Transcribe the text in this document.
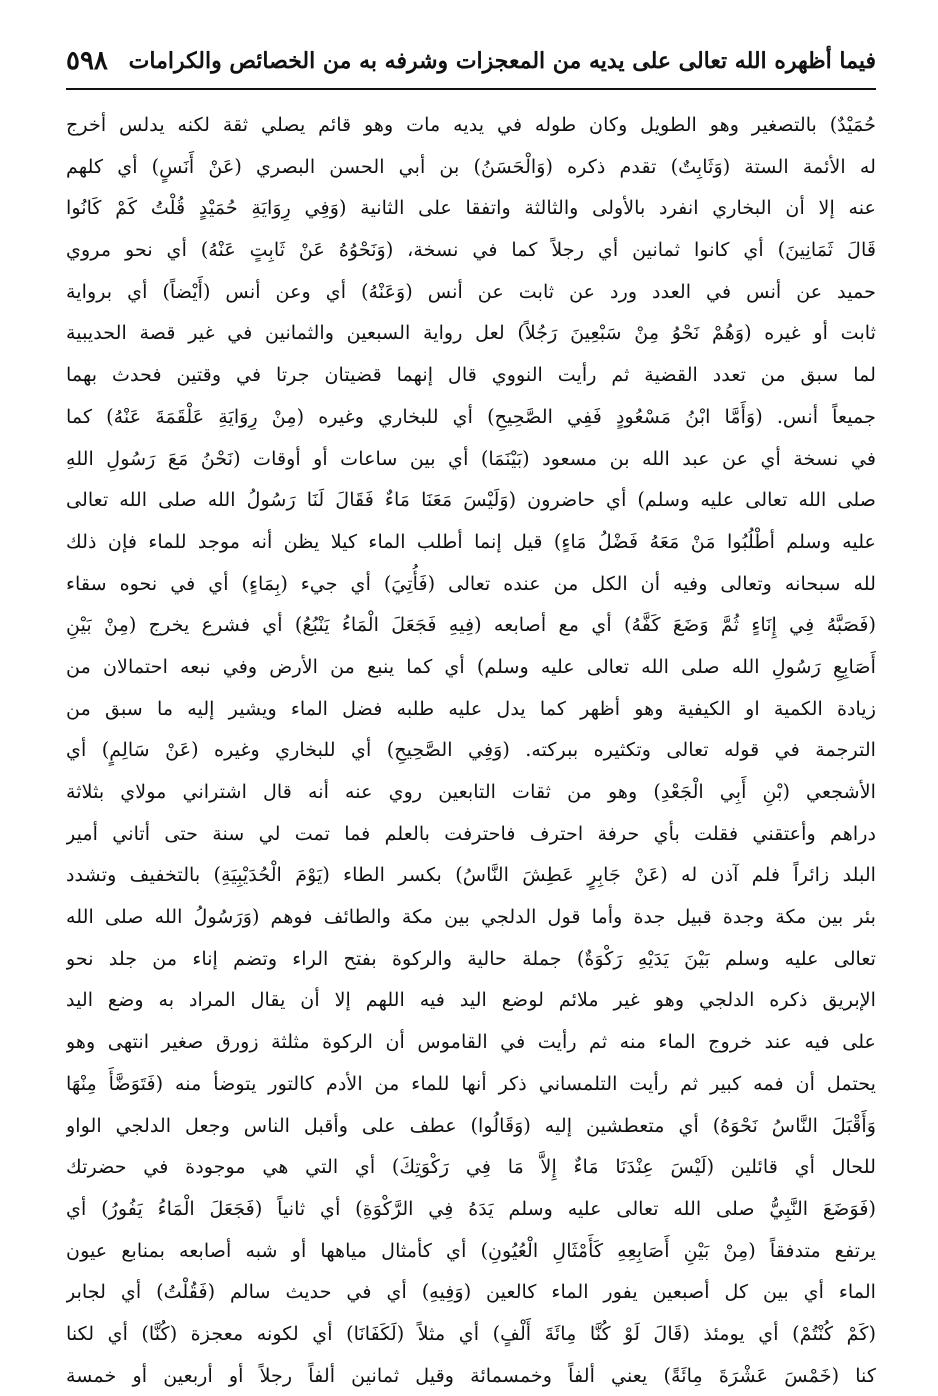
فيما أظهره الله تعالى على يديه من المعجزات وشرفه به من الخصائص والكرامات
٥٩٨
حُمَيْدٌ) بالتصغير وهو الطويل وكان طوله في يديه مات وهو قائم يصلي ثقة لكنه يدلس أخرج
له الأئمة الستة (وَثَابِتٌ) تقدم ذكره (وَالْحَسَنُ) بن أبي الحسن البصري (عَنْ أَنَسٍ) أي كلهم
عنه إلا أن البخاري انفرد بالأولى والثالثة واتفقا على الثانية (وَفِي رِوَايَةِ حُمَيْدٍ قُلْتُ كَمْ كَانُوا
قَالَ ثَمَانِينَ) أي كانوا ثمانين أي رجلاً كما في نسخة، (وَنَحْوُهُ عَنْ ثَابِتٍ عَنْهُ) أي نحو مروي
حميد عن أنس في العدد ورد عن ثابت عن أنس (وَعَنْهُ) أي وعن أنس (أَيْضاً) أي برواية
ثابت أو غيره (وَهُمْ نَحْوُ مِنْ سَبْعِينَ رَجُلاً) لعل رواية السبعين والثمانين في غير قصة الحديبية
لما سبق من تعدد القضية ثم رأيت النووي قال إنهما قضيتان جرتا في وقتين فحدث بهما
جميعاً أنس. (وَأَمَّا ابْنُ مَسْعُودٍ فَفِي الصَّحِيحِ) أي للبخاري وغيره (مِنْ رِوَايَةِ عَلْقَمَةَ عَنْهُ) كما
في نسخة أي عن عبد الله بن مسعود (بَيْنَمَا) أي بين ساعات أو أوقات (نَحْنُ مَعَ رَسُولِ اللهِ
صلى الله تعالى عليه وسلم) أي حاضرون (وَلَيْسَ مَعَنَا مَاءٌ فَقَالَ لَنَا رَسُولُ الله صلى الله تعالى
عليه وسلم أطْلُبُوا مَنْ مَعَهُ فَضْلُ مَاءٍ) قيل إنما أطلب الماء كيلا يظن أنه موجد للماء فإن ذلك
لله سبحانه وتعالى وفيه أن الكل من عنده تعالى (فَأُتِيَ) أي جيء (بِمَاءٍ) أي في نحوه سقاء
(فَصَبَّهُ فِي إِنَاءٍ ثُمَّ وَضَعَ كَفَّهُ) أي مع أصابعه (فِيهِ فَجَعَلَ الْمَاءُ يَنْبُعُ) أي فشرع يخرج (مِنْ بَيْنِ
أَصَابِعِ رَسُولِ الله صلى الله تعالى عليه وسلم) أي كما ينبع من الأرض وفي نبعه احتمالان من
زيادة الكمية او الكيفية وهو أظهر كما يدل عليه طلبه فضل الماء ويشير إليه ما سبق من
الترجمة في قوله تعالى وتكثيره ببركته. (وَفِي الصَّحِيحِ) أي للبخاري وغيره (عَنْ سَالِمٍ) أي
الأشجعي (بْنِ أَبِي الْجَعْدِ) وهو من ثقات التابعين روي عنه أنه قال اشتراني مولاي بثلاثة
دراهم وأعتقني فقلت بأي حرفة احترف فاحترفت بالعلم فما تمت لي سنة حتى أتاني أمير
البلد زائراً فلم آذن له (عَنْ جَابِرٍ عَطِشَ النَّاسُ) بكسر الطاء (يَوْمَ الْحُدَيْبِيَةِ) بالتخفيف وتشدد
بئر بين مكة وجدة قبيل جدة وأما قول الدلجي بين مكة والطائف فوهم (وَرَسُولُ الله صلى الله
تعالى عليه وسلم بَيْنَ يَدَيْهِ رَكْوَةٌ) جملة حالية والركوة بفتح الراء وتضم إناء من جلد نحو
الإبريق ذكره الدلجي وهو غير ملائم لوضع اليد فيه اللهم إلا أن يقال المراد به وضع اليد
على فيه عند خروج الماء منه ثم رأيت في القاموس أن الركوة مثلثة زورق صغير انتهى وهو
يحتمل أن فمه كبير ثم رأيت التلمساني ذكر أنها للماء من الأدم كالتور يتوضأ منه (فَتَوَضَّأَ مِنْهَا
وَأَقْبَلَ النَّاسُ نَحْوَهُ) أي متعطشين إليه (وَقَالُوا) عطف على وأقبل الناس وجعل الدلجي الواو
للحال أي قائلين (لَيْسَ عِنْدَنَا مَاءٌ إِلاَّ مَا فِي رَكْوَتِكَ) أي التي هي موجودة في حضرتك
(فَوَضَعَ النَّبِيُّ صلى الله تعالى عليه وسلم يَدَهُ فِي الرَّكْوَةِ) أي ثانياً (فَجَعَلَ الْمَاءُ يَفُورُ) أي
يرتفع متدفقاً (مِنْ بَيْنِ أَصَابِعِهِ كَأَمْثَالِ الْعُيُونِ) أي كأمثال مياهها أو شبه أصابعه بمنابع عيون
الماء أي بين كل أصبعين يفور الماء كالعين (وَفِيهِ) أي في حديث سالم (فَقُلْتُ) أي لجابر
(كَمْ كُنْتُمْ) أي يومئذ (قَالَ لَوْ كُنَّا مِائَةَ أَلْفٍ) أي مثلاً (لَكَفَانَا) أي لكونه معجزة (كُنَّا) أي لكنا
كنا (خَمْسَ عَشْرَةَ مِائَةً) يعني ألفاً وخمسمائة وقيل ثمانين ألفاً رجلاً أو أربعين أو خمسة
